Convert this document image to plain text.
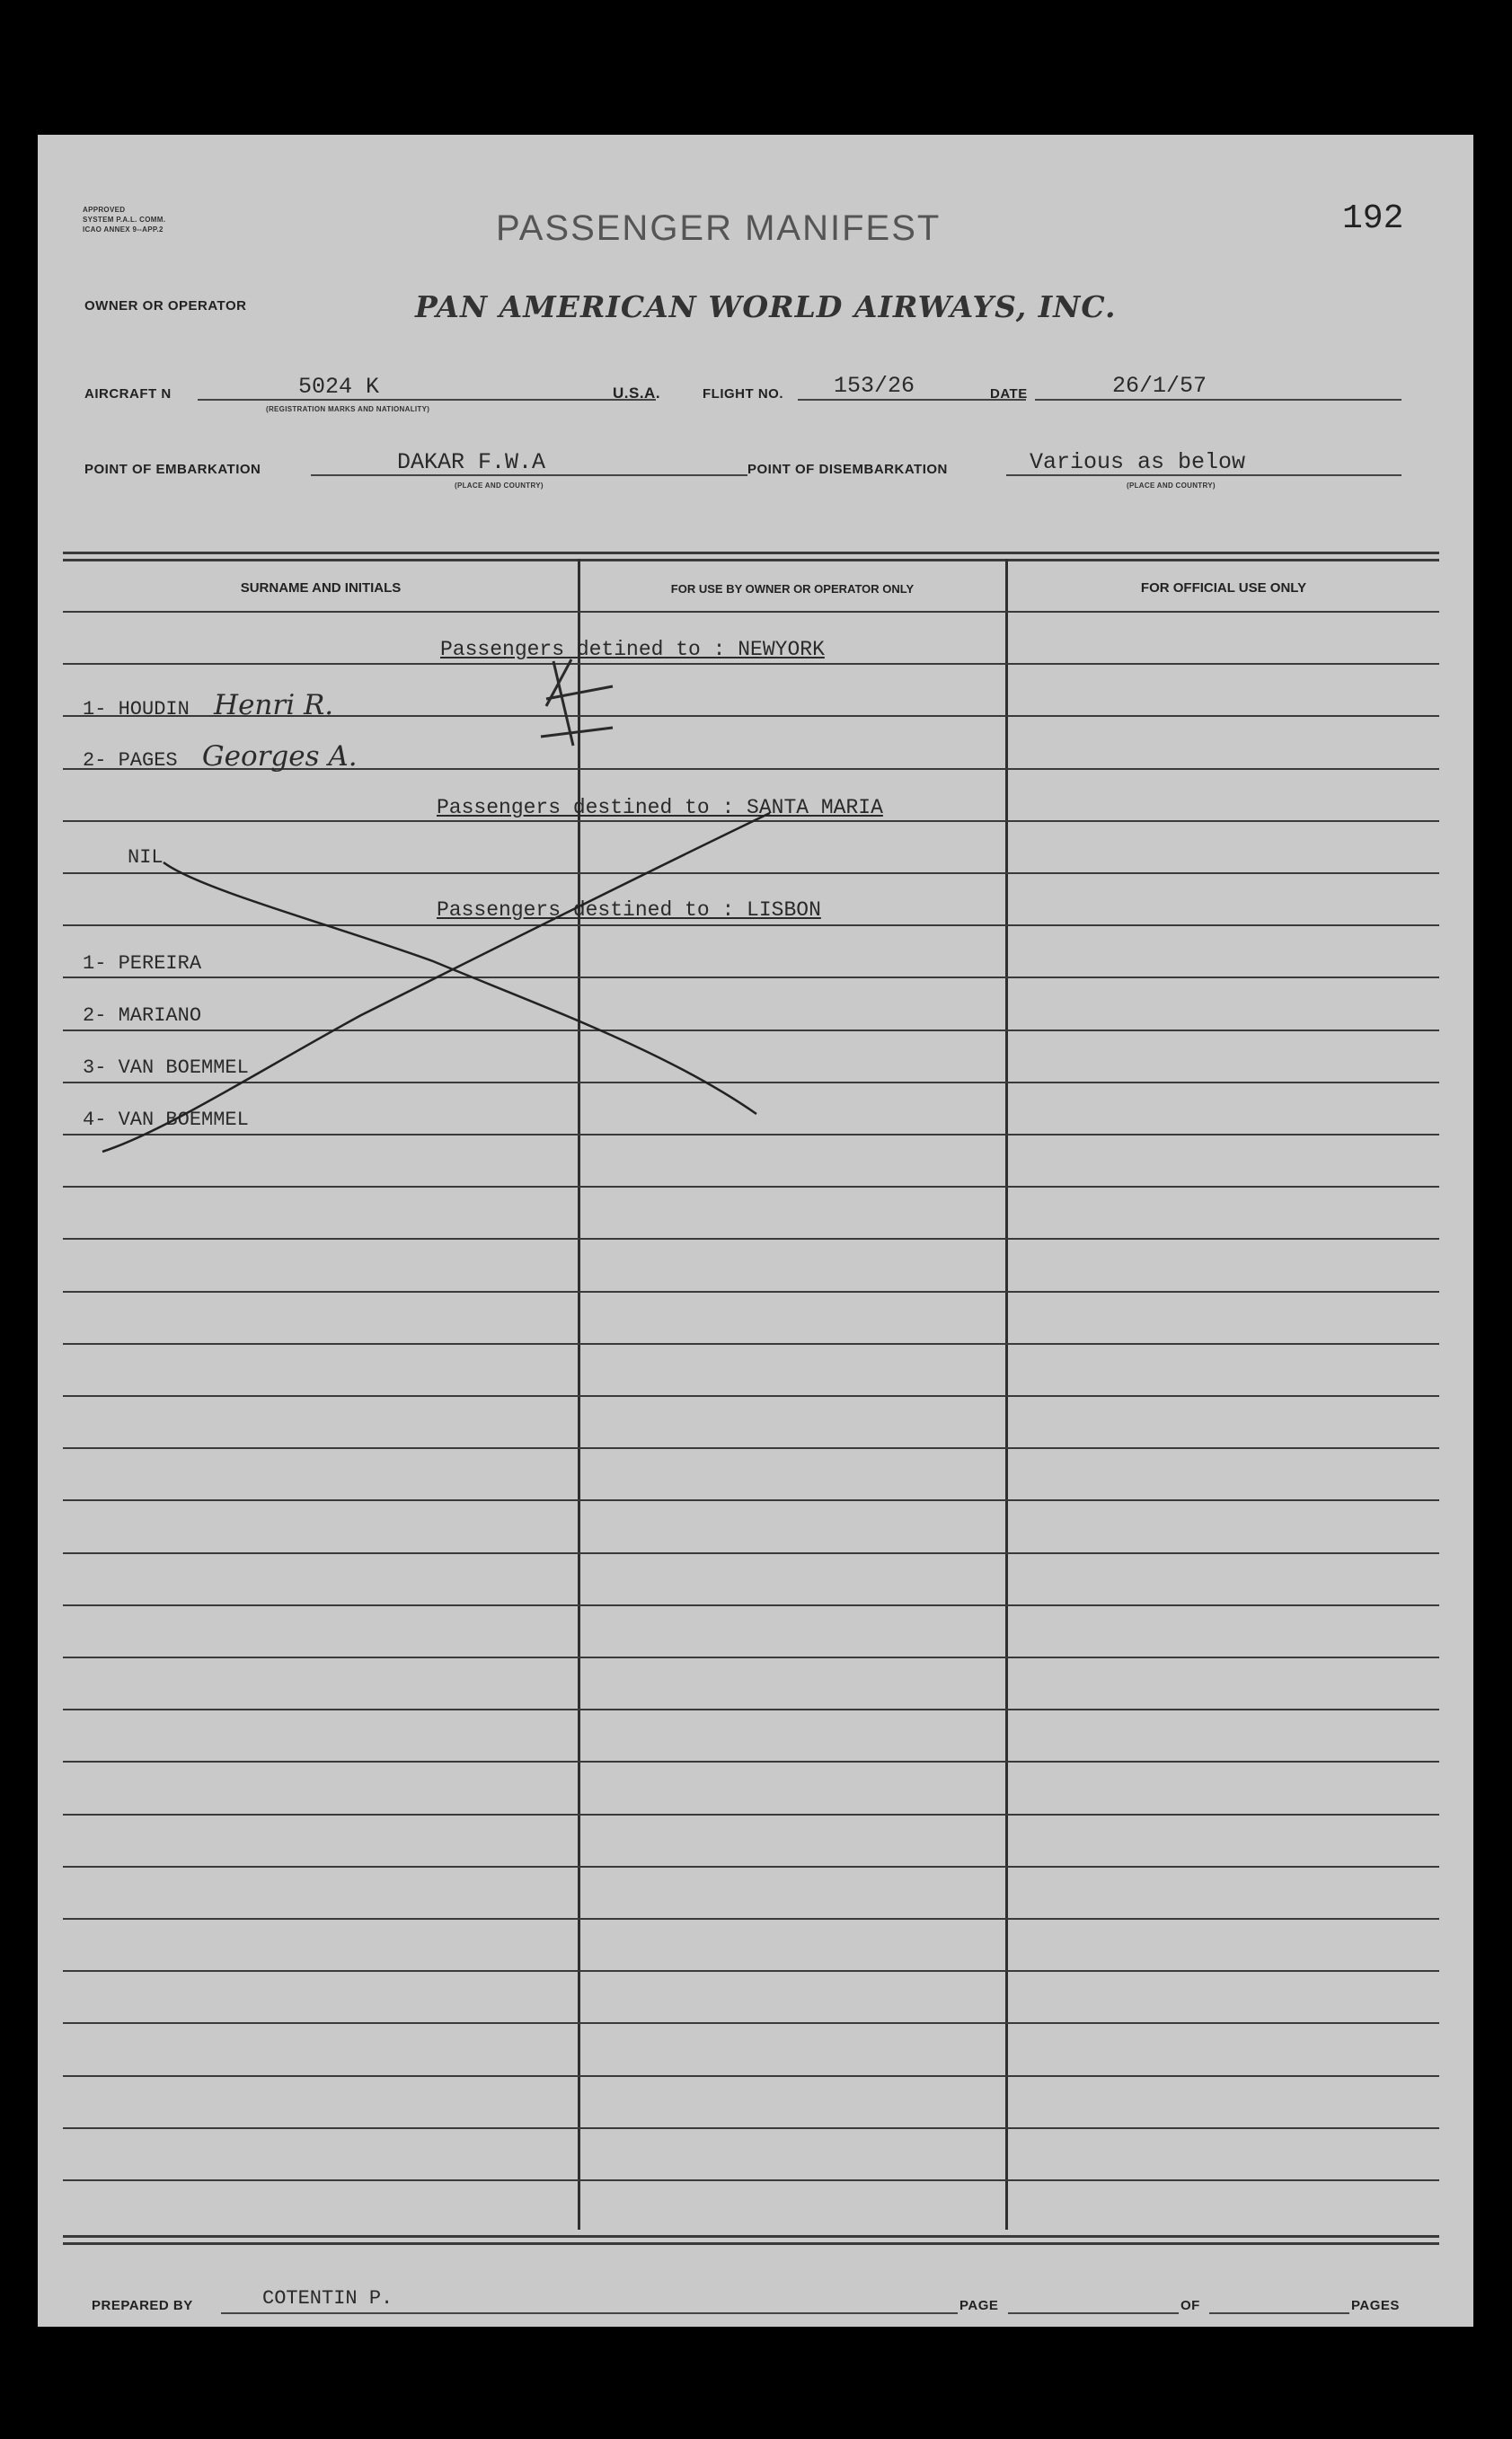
APPROVED
SYSTEM P.A.L. COMM.
ICAO ANNEX 9--APP.2	PASSENGER MANIFEST	192
OWNER OR OPERATOR	PAN AMERICAN WORLD AIRWAYS, INC.
AIRCRAFT N	5024 K
(REGISTRATION MARKS AND NATIONALITY)
U.S.A.	FLIGHT NO. 153/26	DATE	26/1/57
POINT OF EMBARKATION	DAKAR F.W.A
(PLACE AND COUNTRY)
POINT OF DISEMBARKATION	Various as below
(PLACE AND COUNTRY)
SURNAME AND INITIALS	FOR USE BY OWNER OR OPERATOR ONLY	FOR OFFICIAL USE ONLY
Passengers detined to : NEWYORK
1- HOUDIN Henri R.
2- PAGES Georges A.
Passengers destined to : SANTA MARIA
NIL
Passengers destined to : LISBON
1- PEREIRA
2- MARIANO
3- VAN BOEMMEL
4- VAN BOEMMEL
PREPARED BY	COTENTIN P.	PAGE	OF	PAGES
